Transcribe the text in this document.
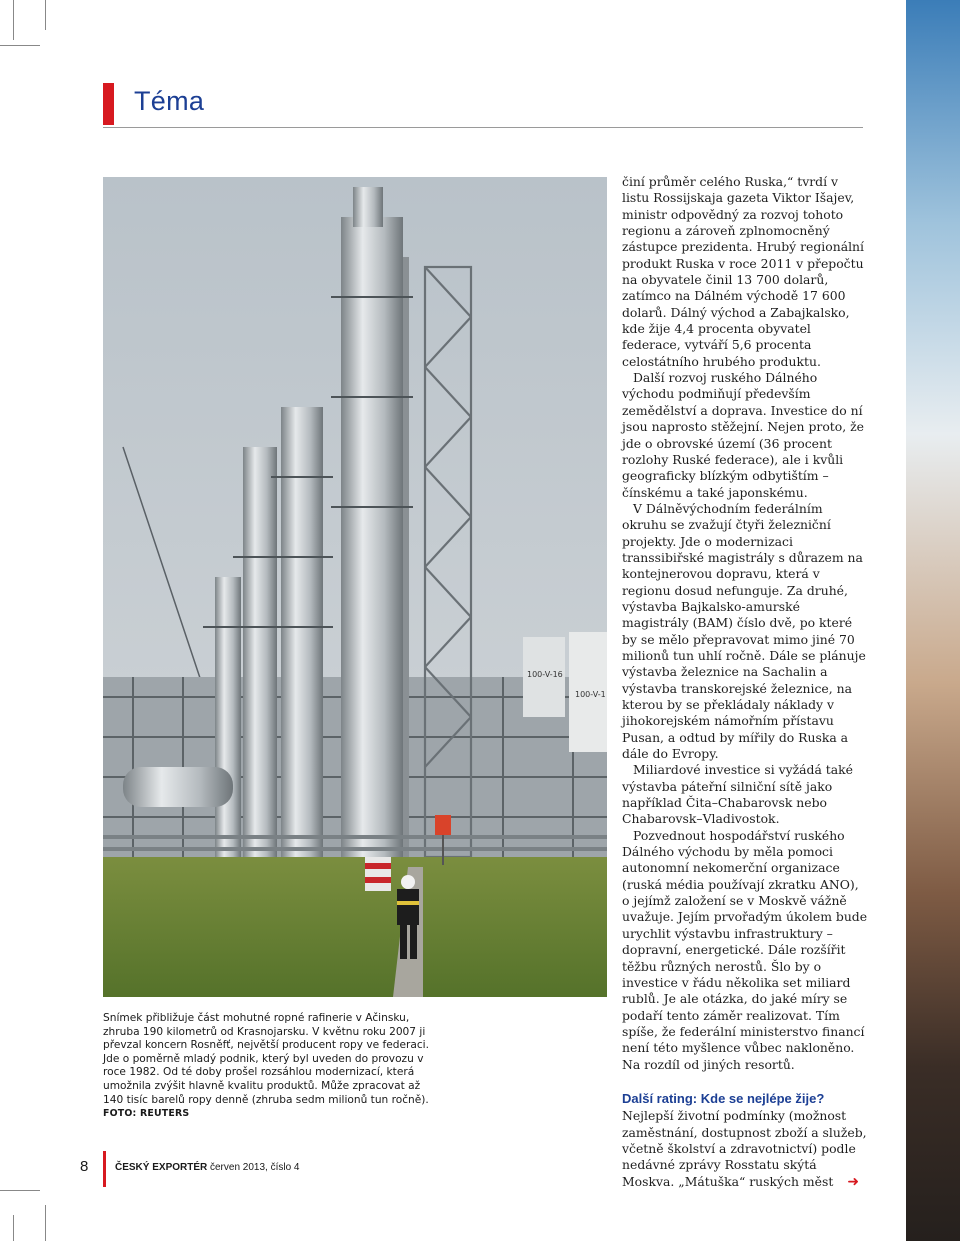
Téma
100-V-1
100-V-16
Snímek přibližuje část mohutné ropné rafinerie v Ačinsku, zhruba 190 kilometrů od Krasnojarsku. V květnu roku 2007 ji převzal koncern Rosněfť, největší producent ropy ve federaci. Jde o poměrně mladý podnik, který byl uveden do provozu v roce 1982. Od té doby prošel rozsáhlou modernizací, která umožnila zvýšit hlavně kvalitu produktů. Může zpracovat až 140 tisíc barelů ropy denně (zhruba sedm milionů tun ročně). FOTO: REUTERS

činí průměr celého Ruska,“ tvrdí v listu Rossijskaja gazeta Viktor Išajev, ministr odpovědný za rozvoj tohoto regionu a zároveň zplnomocněný zástupce prezidenta. Hrubý regionální produkt Ruska v roce 2011 v přepočtu na obyvatele činil 13 700 dolarů, zatímco na Dálném východě 17 600 dolarů. Dálný východ a Zabajkalsko, kde žije 4,4 procenta obyvatel federace, vytváří 5,6 procenta celostátního hrubého produktu.

Další rozvoj ruského Dálného východu podmiňují především zemědělství a doprava. Investice do ní jsou naprosto stěžejní. Nejen proto, že jde o obrovské území (36 procent rozlohy Ruské federace), ale i kvůli geograficky blízkým odbytištím – čínskému a také japonskému.

V Dálněvýchodním federálním okruhu se zvažují čtyři železniční projekty. Jde o modernizaci transsibiřské magistrály s důrazem na kontejnerovou dopravu, která v regionu dosud nefunguje. Za druhé, výstavba Bajkalsko-amurské magistrály (BAM) číslo dvě, po které by se mělo přepravovat mimo jiné 70 milionů tun uhlí ročně. Dále se plánuje výstavba železnice na Sachalin a výstavba transkorejské železnice, na kterou by se překládaly náklady v jihokorejském námořním přístavu Pusan, a odtud by mířily do Ruska a dále do Evropy.

Miliardové investice si vyžádá také výstavba páteřní silniční sítě jako například Čita–Chabarovsk nebo Chabarovsk–Vladivostok.

Pozvednout hospodářství ruského Dálného východu by měla pomoci autonomní nekomerční organizace (ruská média používají zkratku ANO), o jejímž založení se v Moskvě vážně uvažuje. Jejím prvořadým úkolem bude urychlit výstavbu infrastruktury – dopravní, energetické. Dále rozšířit těžbu různých nerostů. Šlo by o investice v řádu několika set miliard rublů. Je ale otázka, do jaké míry se podaří tento záměr realizovat. Tím spíše, že federální ministerstvo financí není této myšlence vůbec nakloněno. Na rozdíl od jiných resortů.

Další rating: Kde se nejlépe žije?

Nejlepší životní podmínky (možnost zaměstnání, dostupnost zboží a služeb, včetně školství a zdravotnictví) podle nedávné zprávy Rosstatu skýtá Moskva. „Mátuška“ ruských měst ➜

8	ČESKÝ EXPORTÉR červen 2013, číslo 4
